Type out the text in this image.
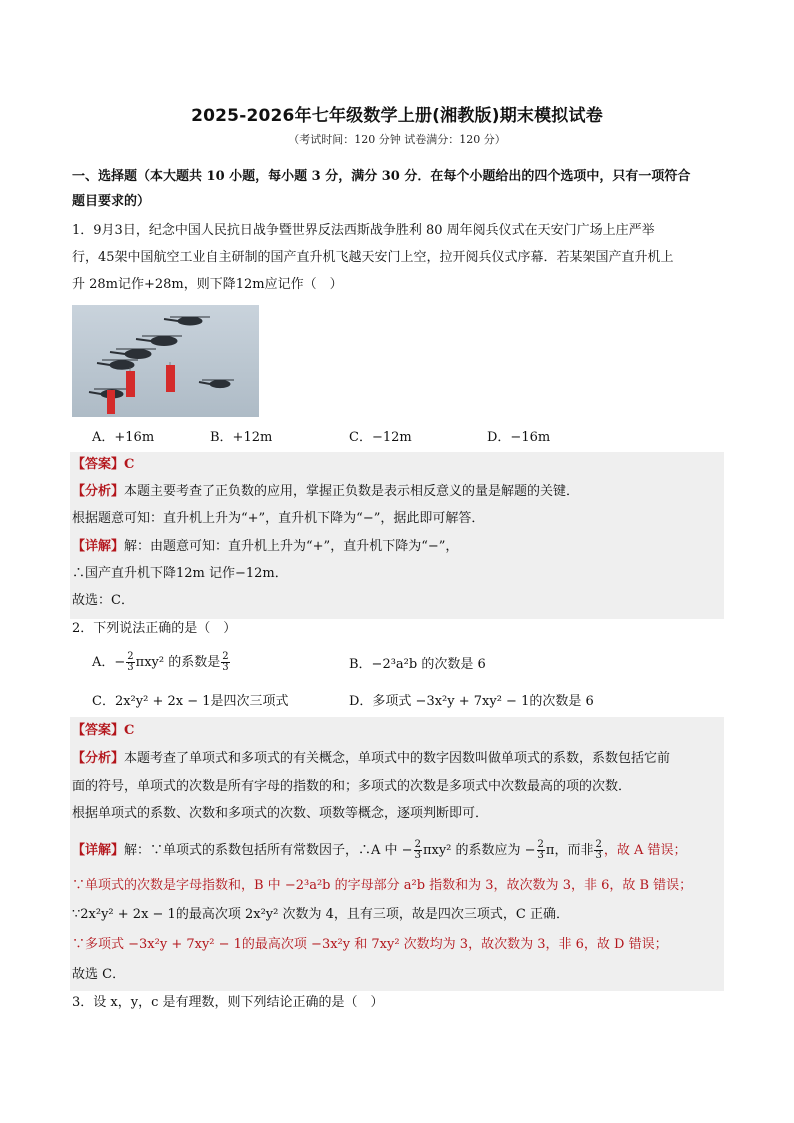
2025-2026年七年级数学上册(湘教版)期末模拟试卷
（考试时间：120 分钟 试卷满分：120 分）
一、选择题（本大题共 10 小题，每小题 3 分，满分 30 分．在每个小题给出的四个选项中，只有一项符合
题目要求的）
1．9月3日，纪念中国人民抗日战争暨世界反法西斯战争胜利 80 周年阅兵仪式在天安门广场上庄严举
行，45架中国航空工业自主研制的国产直升机飞越天安门上空，拉开阅兵仪式序幕．若某架国产直升机上
升 28m记作+28m，则下降12m应记作（　）
A．+16m	B．+12m	C．−12m	D．−16m
【答案】C
【分析】本题主要考查了正负数的应用，掌握正负数是表示相反意义的量是解题的关键．
根据题意可知：直升机上升为“+”，直升机下降为“−”，据此即可解答．
【详解】解：由题意可知：直升机上升为“+”，直升机下降为“−”，
∴国产直升机下降12m 记作−12m．
故选：C．
2．下列说法正确的是（　）
A．− $\frac{2}{3} \pi xy^2$ 的系数是 $\frac{2}{3}$	B．−2³a²b 的次数是 6
C．2x²y² + 2x − 1是四次三项式	D．多项式 −3x²y + 7xy² − 1的次数是 6
【答案】C
【分析】本题考查了单项式和多项式的有关概念，单项式中的数字因数叫做单项式的系数，系数包括它前
面的符号，单项式的次数是所有字母的指数的和；多项式的次数是多项式中次数最高的项的次数．
根据单项式的系数、次数和多项式的次数、项数等概念，逐项判断即可．
【详解】解：∵单项式的系数包括所有常数因子，∴A 中 − $\frac{2}{3} \pi xy^2$ 的系数应为 − $\frac{2}{3}$ π，而非 $\frac{2}{3}$ ，故 A 错误；
∵单项式的次数是字母指数和，B 中 −2³a²b 的字母部分 a²b 指数和为 3，故次数为 3，非 6，故 B 错误；
∵2x²y² + 2x − 1的最高次项 2x²y² 次数为 4，且有三项，故是四次三项式，C 正确．
∵多项式 −3x²y + 7xy² − 1的最高次项 −3x²y 和 7xy² 次数均为 3，故次数为 3，非 6，故 D 错误；
故选 C．
3．设 x，y，c 是有理数，则下列结论正确的是（　）
